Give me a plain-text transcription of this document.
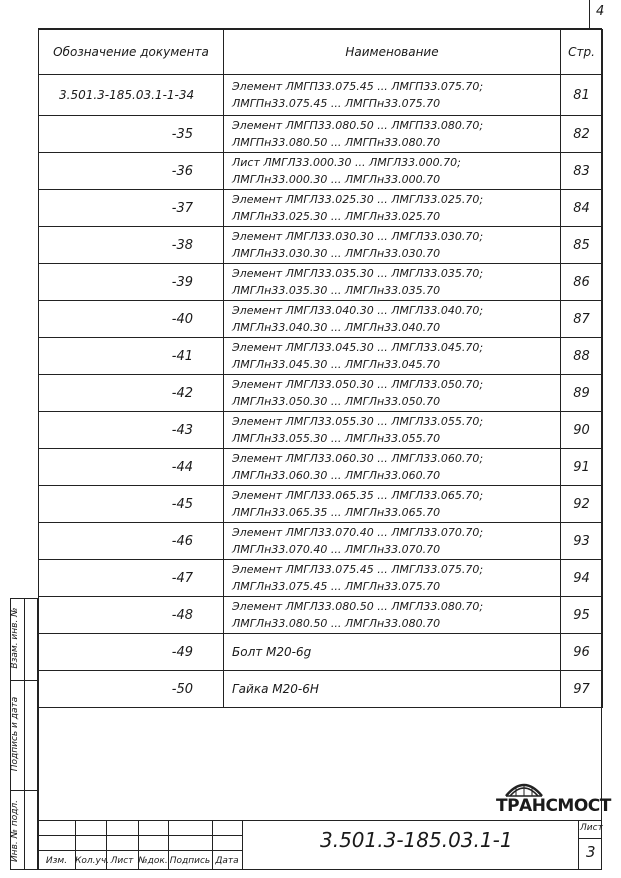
4
Обозначение документа	Наименование	Стр.
3.501.3-185.03.1-1-34	Элемент ЛМГП33.075.45 ... ЛМГП33.075.70;
ЛМГПн33.075.45 ... ЛМГПн33.075.70	81
-35	Элемент ЛМГП33.080.50 ... ЛМГП33.080.70;
ЛМГПн33.080.50 ... ЛМГПн33.080.70	82
-36	Лист ЛМГЛ33.000.30 ... ЛМГЛ33.000.70;
ЛМГЛн33.000.30 ... ЛМГЛн33.000.70	83
-37	Элемент ЛМГЛ33.025.30 ... ЛМГЛ33.025.70;
ЛМГЛн33.025.30 ... ЛМГЛн33.025.70	84
-38	Элемент ЛМГЛ33.030.30 ... ЛМГЛ33.030.70;
ЛМГЛн33.030.30 ... ЛМГЛн33.030.70	85
-39	Элемент ЛМГЛ33.035.30 ... ЛМГЛ33.035.70;
ЛМГЛн33.035.30 ... ЛМГЛн33.035.70	86
-40	Элемент ЛМГЛ33.040.30 ... ЛМГЛ33.040.70;
ЛМГЛн33.040.30 ... ЛМГЛн33.040.70	87
-41	Элемент ЛМГЛ33.045.30 ... ЛМГЛ33.045.70;
ЛМГЛн33.045.30 ... ЛМГЛн33.045.70	88
-42	Элемент ЛМГЛ33.050.30 ... ЛМГЛ33.050.70;
ЛМГЛн33.050.30 ... ЛМГЛн33.050.70	89
-43	Элемент ЛМГЛ33.055.30 ... ЛМГЛ33.055.70;
ЛМГЛн33.055.30 ... ЛМГЛн33.055.70	90
-44	Элемент ЛМГЛ33.060.30 ... ЛМГЛ33.060.70;
ЛМГЛн33.060.30 ... ЛМГЛн33.060.70	91
-45	Элемент ЛМГЛ33.065.35 ... ЛМГЛ33.065.70;
ЛМГЛн33.065.35 ... ЛМГЛн33.065.70	92
-46	Элемент ЛМГЛ33.070.40 ... ЛМГЛ33.070.70;
ЛМГЛн33.070.40 ... ЛМГЛн33.070.70	93
-47	Элемент ЛМГЛ33.075.45 ... ЛМГЛ33.075.70;
ЛМГЛн33.075.45 ... ЛМГЛн33.075.70	94
-48	Элемент ЛМГЛ33.080.50 ... ЛМГЛ33.080.70;
ЛМГЛн33.080.50 ... ЛМГЛн33.080.70	95
-49	Болт М20-6g	96
-50	Гайка М20-6H	97
Взам. инв. №
Подпись и дата
Инв. № подл.	ТРАНСМОСТ
Изм. Кол.уч. Лист №док. Подпись Дата
3.501.3-185.03.1-1	Лист
3
